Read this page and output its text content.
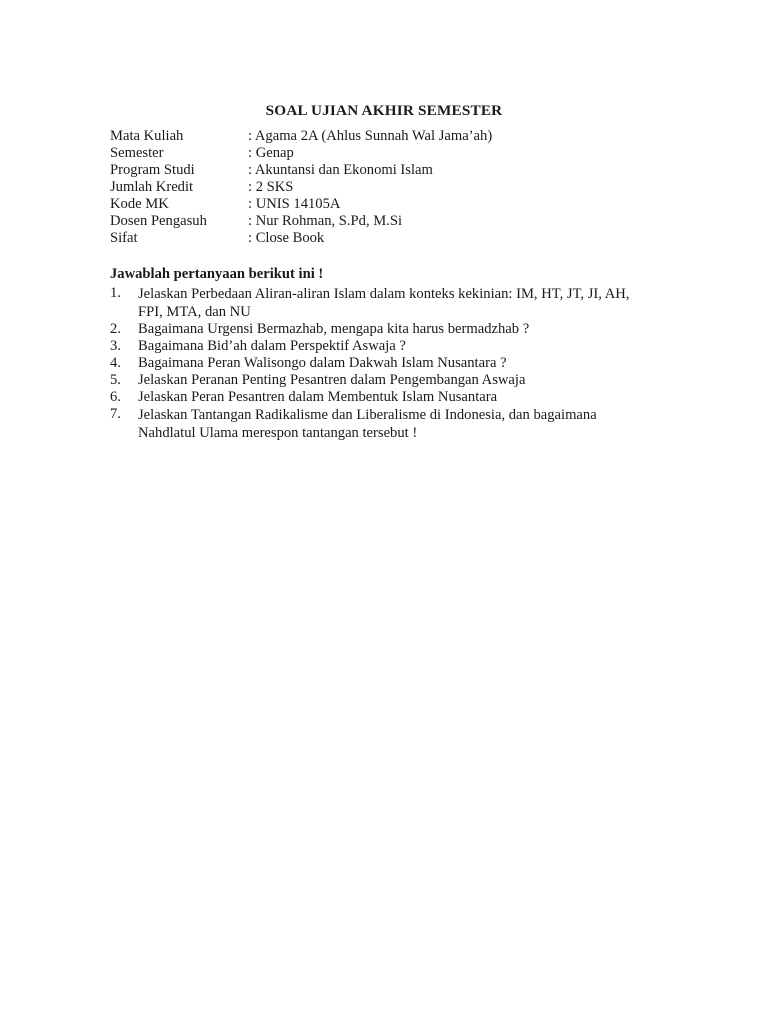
SOAL UJIAN AKHIR SEMESTER
Mata Kuliah	: Agama 2A (Ahlus Sunnah Wal Jama’ah)
Semester	: Genap
Program Studi	: Akuntansi dan Ekonomi Islam
Jumlah Kredit	: 2 SKS
Kode MK	: UNIS 14105A
Dosen Pengasuh	: Nur Rohman, S.Pd, M.Si
Sifat	: Close Book
Jawablah pertanyaan berikut ini !
1.	Jelaskan Perbedaan Aliran-aliran Islam dalam konteks kekinian: IM, HT, JT, JI, AH, FPI, MTA, dan NU
2.	Bagaimana Urgensi Bermazhab, mengapa kita harus bermadzhab ?
3.	Bagaimana Bid’ah dalam Perspektif Aswaja ?
4.	Bagaimana Peran Walisongo dalam Dakwah Islam Nusantara ?
5.	Jelaskan Peranan Penting Pesantren dalam Pengembangan Aswaja
6.	Jelaskan Peran Pesantren dalam Membentuk Islam Nusantara
7.	Jelaskan Tantangan Radikalisme dan Liberalisme di Indonesia, dan bagaimana Nahdlatul Ulama merespon tantangan tersebut !
